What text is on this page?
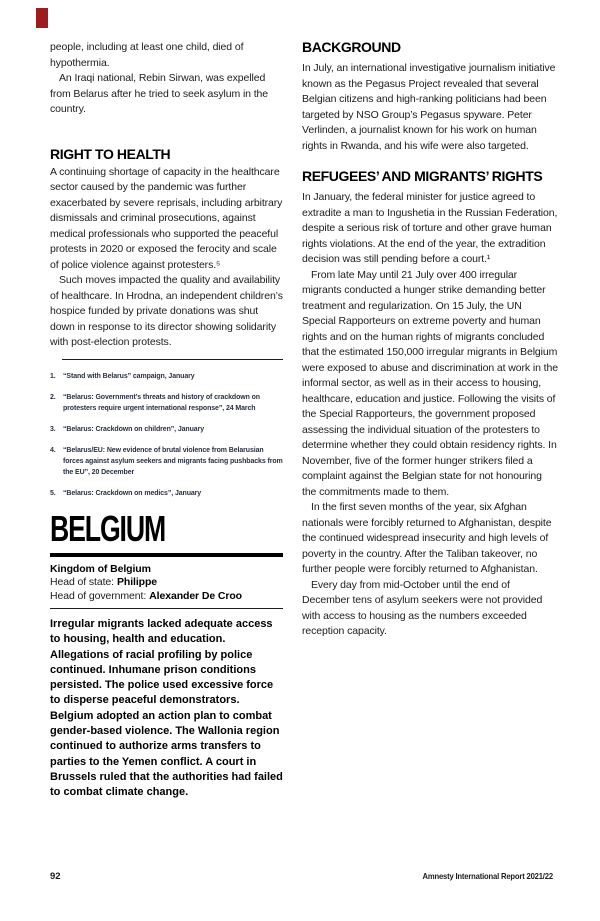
people, including at least one child, died of hypothermia.

An Iraqi national, Rebin Sirwan, was expelled from Belarus after he tried to seek asylum in the country.

RIGHT TO HEALTH

A continuing shortage of capacity in the healthcare sector caused by the pandemic was further exacerbated by severe reprisals, including arbitrary dismissals and criminal prosecutions, against medical professionals who supported the peaceful protests in 2020 or exposed the ferocity and scale of police violence against protesters.⁵

Such moves impacted the quality and availability of healthcare. In Hrodna, an independent children’s hospice funded by private donations was shut down in response to its director showing solidarity with post-election protests.

1.	“Stand with Belarus” campaign, January
2.	“Belarus: Government’s threats and history of crackdown on protesters require urgent international response”, 24 March
3.	“Belarus: Crackdown on children”, January
4.	“Belarus/EU: New evidence of brutal violence from Belarusian forces against asylum seekers and migrants facing pushbacks from the EU”, 20 December
5.	“Belarus: Crackdown on medics”, January
BELGIUM
Kingdom of Belgium
Head of state: Philippe
Head of government: Alexander De Croo

Irregular migrants lacked adequate access to housing, health and education. Allegations of racial profiling by police continued. Inhumane prison conditions persisted. The police used excessive force to disperse peaceful demonstrators. Belgium adopted an action plan to combat gender-based violence. The Wallonia region continued to authorize arms transfers to parties to the Yemen conflict. A court in Brussels ruled that the authorities had failed to combat climate change.

BACKGROUND

In July, an international investigative journalism initiative known as the Pegasus Project revealed that several Belgian citizens and high-ranking politicians had been targeted by NSO Group’s Pegasus spyware. Peter Verlinden, a journalist known for his work on human rights in Rwanda, and his wife were also targeted.

REFUGEES’ AND MIGRANTS’ RIGHTS

In January, the federal minister for justice agreed to extradite a man to Ingushetia in the Russian Federation, despite a serious risk of torture and other grave human rights violations. At the end of the year, the extradition decision was still pending before a court.¹

From late May until 21 July over 400 irregular migrants conducted a hunger strike demanding better treatment and regularization. On 15 July, the UN Special Rapporteurs on extreme poverty and human rights and on the human rights of migrants concluded that the estimated 150,000 irregular migrants in Belgium were exposed to abuse and discrimination at work in the informal sector, as well as in their access to housing, healthcare, education and justice. Following the visits of the Special Rapporteurs, the government proposed assessing the individual situation of the protesters to determine whether they could obtain residency rights. In November, five of the former hunger strikers filed a complaint against the Belgian state for not honouring the commitments made to them.

In the first seven months of the year, six Afghan nationals were forcibly returned to Afghanistan, despite the continued widespread insecurity and high levels of poverty in the country. After the Taliban takeover, no further people were forcibly returned to Afghanistan.

Every day from mid-October until the end of December tens of asylum seekers were not provided with access to housing as the numbers exceeded reception capacity.

92	Amnesty International Report 2021/22
